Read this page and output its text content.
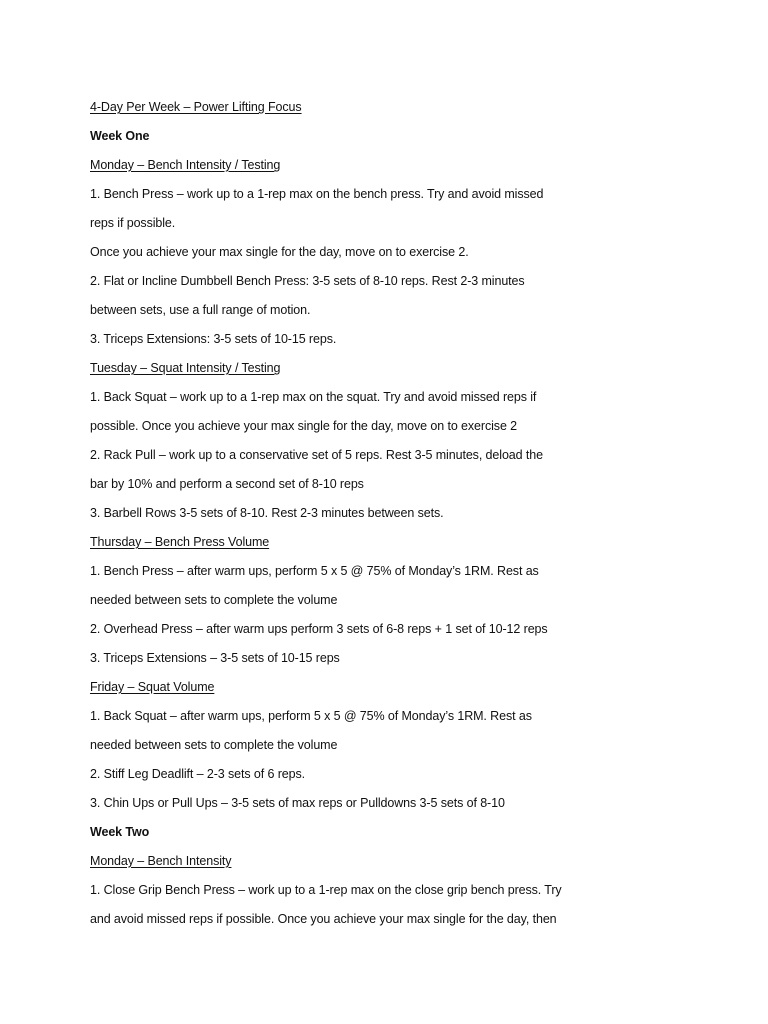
4-Day Per Week – Power Lifting Focus
Week One
Monday – Bench Intensity / Testing
1. Bench Press – work up to a 1-rep max on the bench press. Try and avoid missed
reps if possible.
Once you achieve your max single for the day, move on to exercise 2.
2. Flat or Incline Dumbbell Bench Press: 3-5 sets of 8-10 reps. Rest 2-3 minutes
between sets, use a full range of motion.
3. Triceps Extensions: 3-5 sets of 10-15 reps.
Tuesday – Squat Intensity / Testing
1. Back Squat – work up to a 1-rep max on the squat. Try and avoid missed reps if
possible. Once you achieve your max single for the day, move on to exercise 2
2. Rack Pull – work up to a conservative set of 5 reps. Rest 3-5 minutes, deload the
bar by 10% and perform a second set of 8-10 reps
3. Barbell Rows 3-5 sets of 8-10. Rest 2-3 minutes between sets.
Thursday – Bench Press Volume
1. Bench Press – after warm ups, perform 5 x 5 @ 75% of Monday’s 1RM. Rest as
needed between sets to complete the volume
2. Overhead Press – after warm ups perform 3 sets of 6-8 reps + 1 set of 10-12 reps
3. Triceps Extensions – 3-5 sets of 10-15 reps
Friday – Squat Volume
1. Back Squat – after warm ups, perform 5 x 5 @ 75% of Monday’s 1RM. Rest as
needed between sets to complete the volume
2. Stiff Leg Deadlift – 2-3 sets of 6 reps.
3. Chin Ups or Pull Ups – 3-5 sets of max reps or Pulldowns 3-5 sets of 8-10
Week Two
Monday – Bench Intensity
1. Close Grip Bench Press – work up to a 1-rep max on the close grip bench press. Try
and avoid missed reps if possible. Once you achieve your max single for the day, then
